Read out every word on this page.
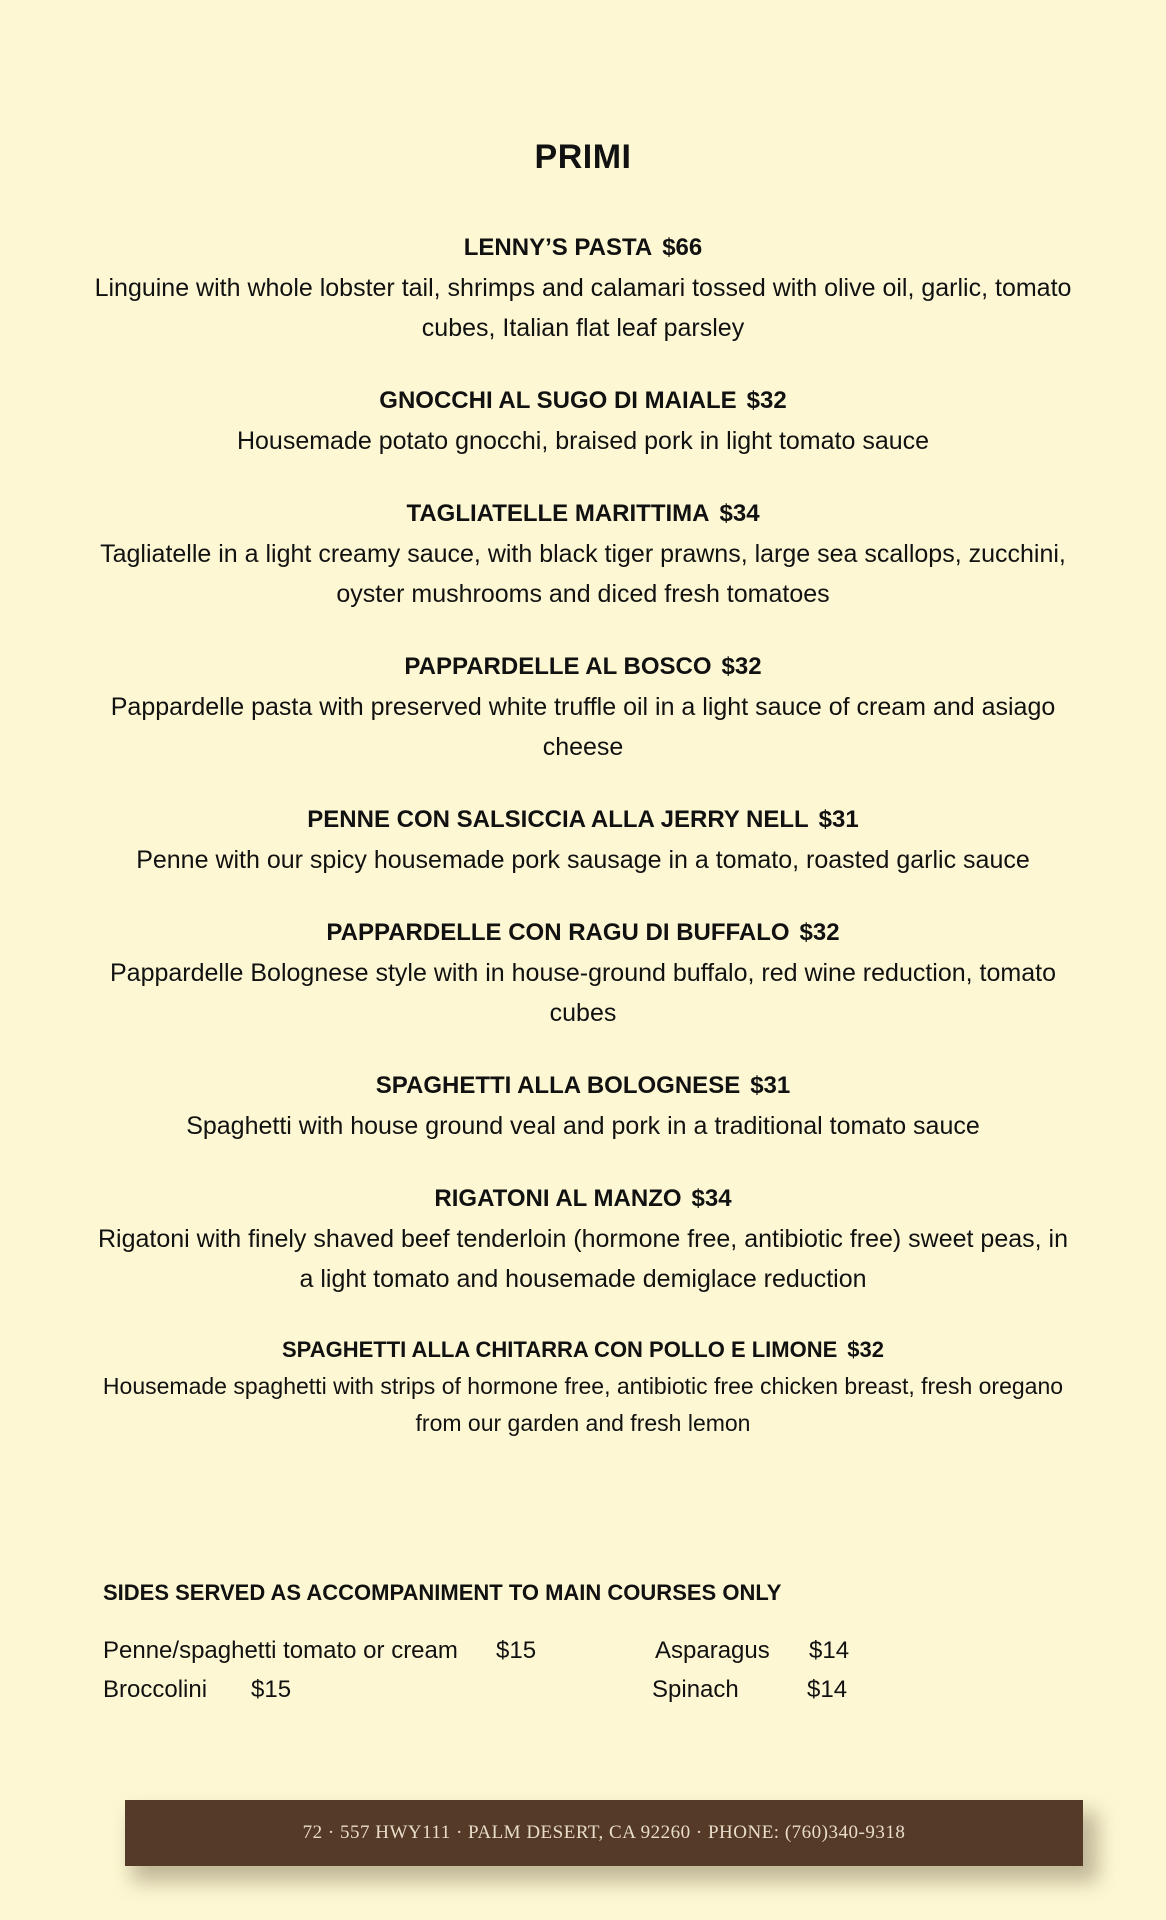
PRIMI
LENNY’S PASTA $66
Linguine with whole lobster tail, shrimps and calamari tossed with olive oil, garlic, tomato cubes, Italian flat leaf parsley
GNOCCHI AL SUGO DI MAIALE $32
Housemade potato gnocchi, braised pork in light tomato sauce
TAGLIATELLE MARITTIMA $34
Tagliatelle in a light creamy sauce, with black tiger prawns, large sea scallops, zucchini, oyster mushrooms and diced fresh tomatoes
PAPPARDELLE AL BOSCO $32
Pappardelle pasta with preserved white truffle oil in a light sauce of cream and asiago cheese
PENNE CON SALSICCIA ALLA JERRY NELL $31
Penne with our spicy housemade pork sausage in a tomato, roasted garlic sauce
PAPPARDELLE CON RAGU DI BUFFALO $32
Pappardelle Bolognese style with in house-ground buffalo, red wine reduction, tomato cubes
SPAGHETTI ALLA BOLOGNESE $31
Spaghetti with house ground veal and pork in a traditional tomato sauce
RIGATONI AL MANZO $34
Rigatoni with finely shaved beef tenderloin (hormone free, antibiotic free) sweet peas, in a light tomato and housemade demiglace reduction
SPAGHETTI ALLA CHITARRA CON POLLO E LIMONE $32
Housemade spaghetti with strips of hormone free, antibiotic free chicken breast, fresh oregano from our garden and fresh lemon
SIDES SERVED AS ACCOMPANIMENT TO MAIN COURSES ONLY
Penne/spaghetti tomato or cream $15	Asparagus $14
Broccolini $15	Spinach	$14
72 · 557 HWY111 · PALM DESERT, CA 92260 · PHONE: (760)340-9318
